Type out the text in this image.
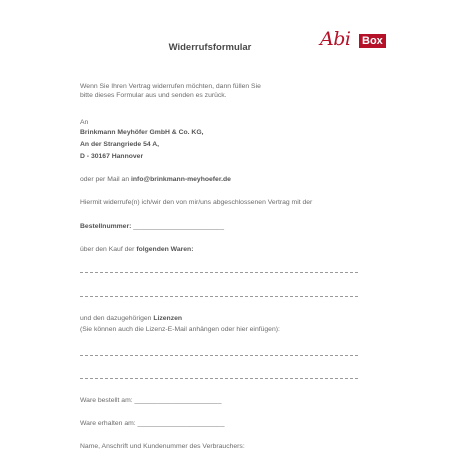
Widerrufsformular	Abi Box
Wenn Sie Ihren Vertrag widerrufen möchten, dann füllen Sie
bitte dieses Formular aus und senden es zurück.
An
Brinkmann Meyhöfer GmbH & Co. KG,
An der Strangriede 54 A,
D - 30167 Hannover
oder per Mail an info@brinkmann-meyhoefer.de
Hiermit widerrufe(n) ich/wir den von mir/uns abgeschlossenen Vertrag mit der
Bestellnummer: ________________________
über den Kauf der folgenden Waren:
und den dazugehörigen Lizenzen
(Sie können auch die Lizenz-E-Mail anhängen oder hier einfügen):
Ware bestellt am: _______________________
Ware erhalten am: _______________________
Name, Anschrift und Kundenummer des Verbrauchers:
